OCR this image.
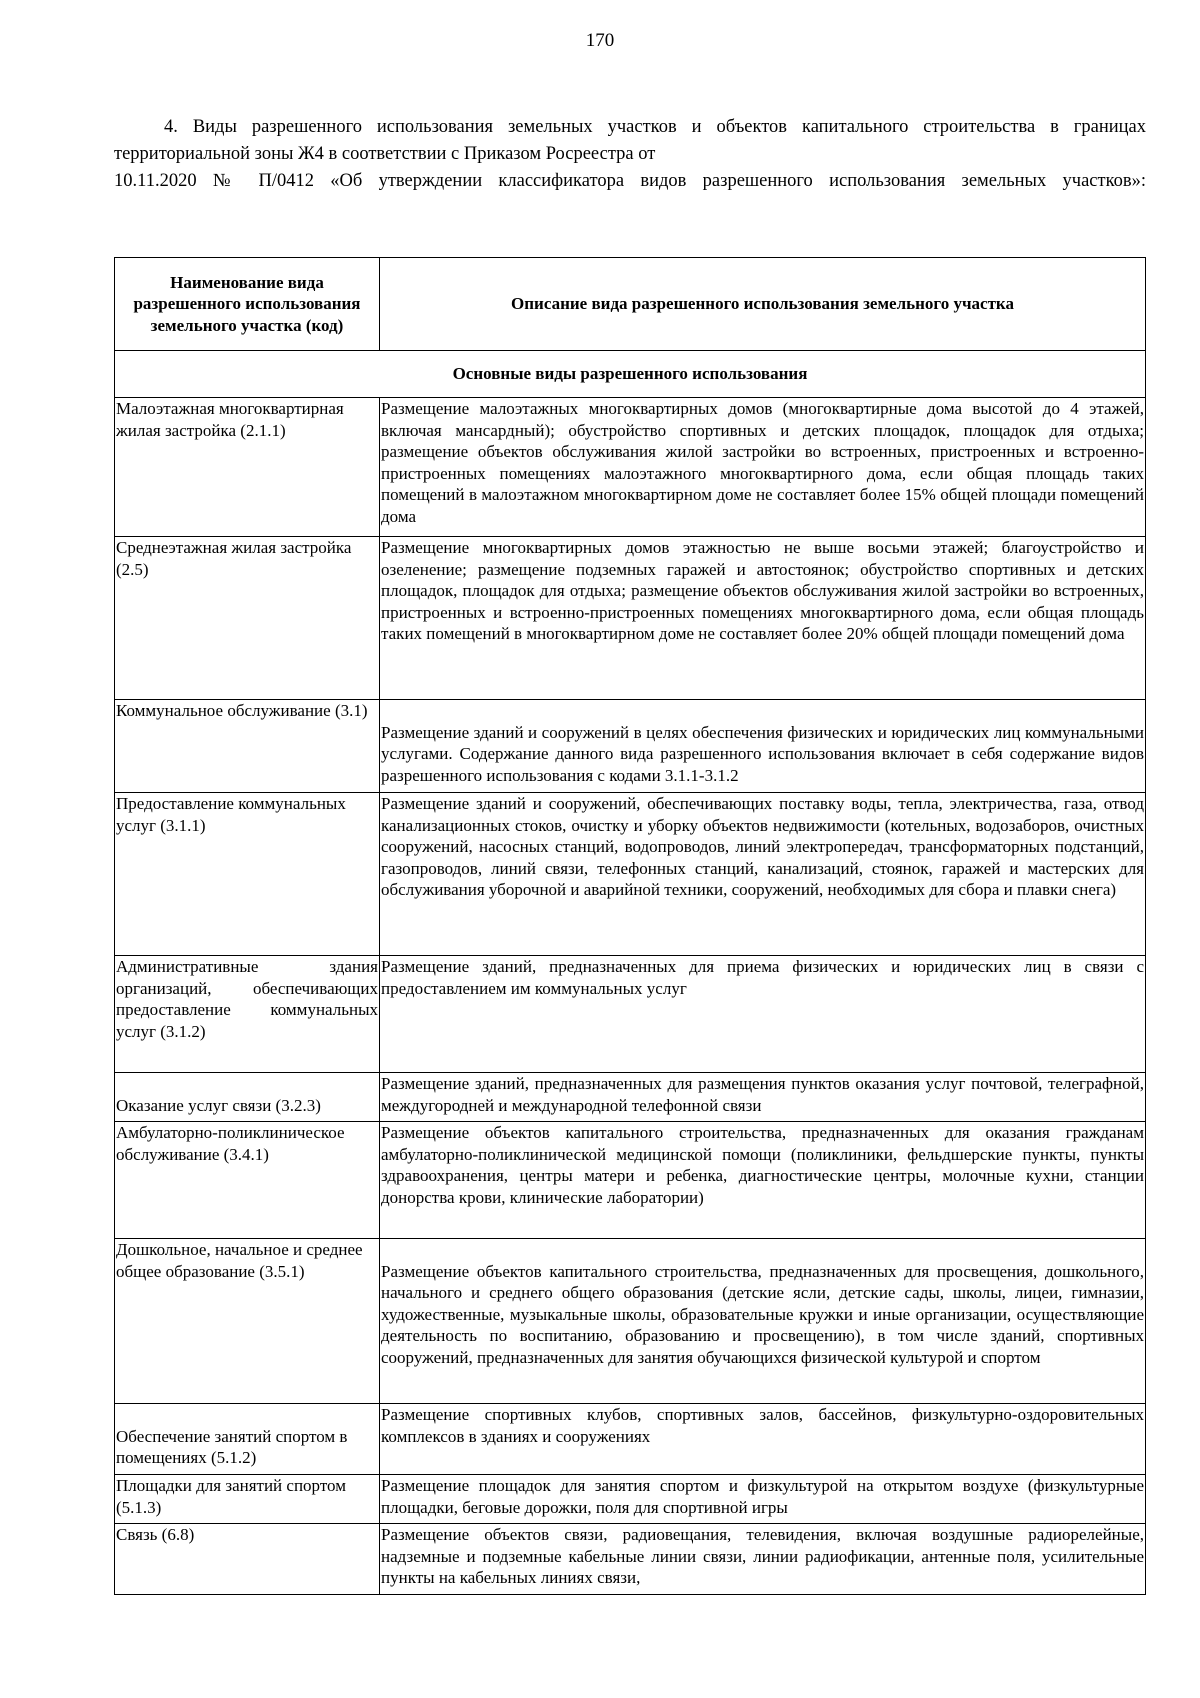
170

4. Виды разрешенного использования земельных участков и объектов капитального строительства в границах территориальной зоны Ж4 в соответствии с Приказом Росреестра от

10.11.2020 № П/0412 «Об утверждении классификатора видов разрешенного использования земельных участков»:

Наименование вида разрешенного использования земельного участка (код)	Описание вида разрешенного использования земельного участка
Основные виды разрешенного использования	
Малоэтажная многоквартирная жилая застройка (2.1.1)	Размещение малоэтажных многоквартирных домов (многоквартирные дома высотой до 4 этажей, включая мансардный); обустройство спортивных и детских площадок, площадок для отдыха; размещение объектов обслуживания жилой застройки во встроенных, пристроенных и встроенно-пристроенных помещениях малоэтажного многоквартирного дома, если общая площадь таких помещений в малоэтажном многоквартирном доме не составляет более 15% общей площади помещений дома
Среднеэтажная жилая застройка (2.5)	Размещение многоквартирных домов этажностью не выше восьми этажей; благоустройство и озеленение; размещение подземных гаражей и автостоянок; обустройство спортивных и детских площадок, площадок для отдыха; размещение объектов обслуживания жилой застройки во встроенных, пристроенных и встроенно-пристроенных помещениях многоквартирного дома, если общая площадь таких помещений в многоквартирном доме не составляет более 20% общей площади помещений дома
Коммунальное обслуживание (3.1)	Размещение зданий и сооружений в целях обеспечения физических и юридических лиц коммунальными услугами. Содержание данного вида разрешенного использования включает в себя содержание видов разрешенного использования с кодами 3.1.1-3.1.2
Предоставление коммунальных услуг (3.1.1)	Размещение зданий и сооружений, обеспечивающих поставку воды, тепла, электричества, газа, отвод канализационных стоков, очистку и уборку объектов недвижимости (котельных, водозаборов, очистных сооружений, насосных станций, водопроводов, линий электропередач, трансформаторных подстанций, газопроводов, линий связи, телефонных станций, канализаций, стоянок, гаражей и мастерских для обслуживания уборочной и аварийной техники, сооружений, необходимых для сбора и плавки снега)
Административные здания организаций, обеспечивающих предоставление коммунальных услуг (3.1.2)	Размещение зданий, предназначенных для приема физических и юридических лиц в связи с предоставлением им коммунальных услуг

Оказание услуг связи (3.2.3)	Размещение зданий, предназначенных для размещения пунктов оказания услуг почтовой, телеграфной, междугородней и международной телефонной связи
Амбулаторно-поликлиническое обслуживание (3.4.1)	Размещение объектов капитального строительства, предназначенных для оказания гражданам амбулаторно-поликлинической медицинской помощи (поликлиники, фельдшерские пункты, пункты здравоохранения, центры матери и ребенка, диагностические центры, молочные кухни, станции донорства крови, клинические лаборатории)
Дошкольное, начальное и среднее общее образование (3.5.1)	Размещение объектов капитального строительства, предназначенных для просвещения, дошкольного, начального и среднего общего образования (детские ясли, детские сады, школы, лицеи, гимназии, художественные, музыкальные школы, образовательные кружки и иные организации, осуществляющие деятельность по воспитанию, образованию и просвещению), в том числе зданий, спортивных сооружений, предназначенных для занятия обучающихся физической культурой и спортом

Обеспечение занятий спортом в помещениях (5.1.2)	Размещение спортивных клубов, спортивных залов, бассейнов, физкультурно-оздоровительных комплексов в зданиях и сооружениях
Площадки для занятий спортом (5.1.3)	Размещение площадок для занятия спортом и физкультурой на открытом воздухе (физкультурные площадки, беговые дорожки, поля для спортивной игры
Связь (6.8)	Размещение объектов связи, радиовещания, телевидения, включая воздушные радиорелейные, надземные и подземные кабельные линии связи, линии радиофикации, антенные поля, усилительные пункты на кабельных линиях связи,
